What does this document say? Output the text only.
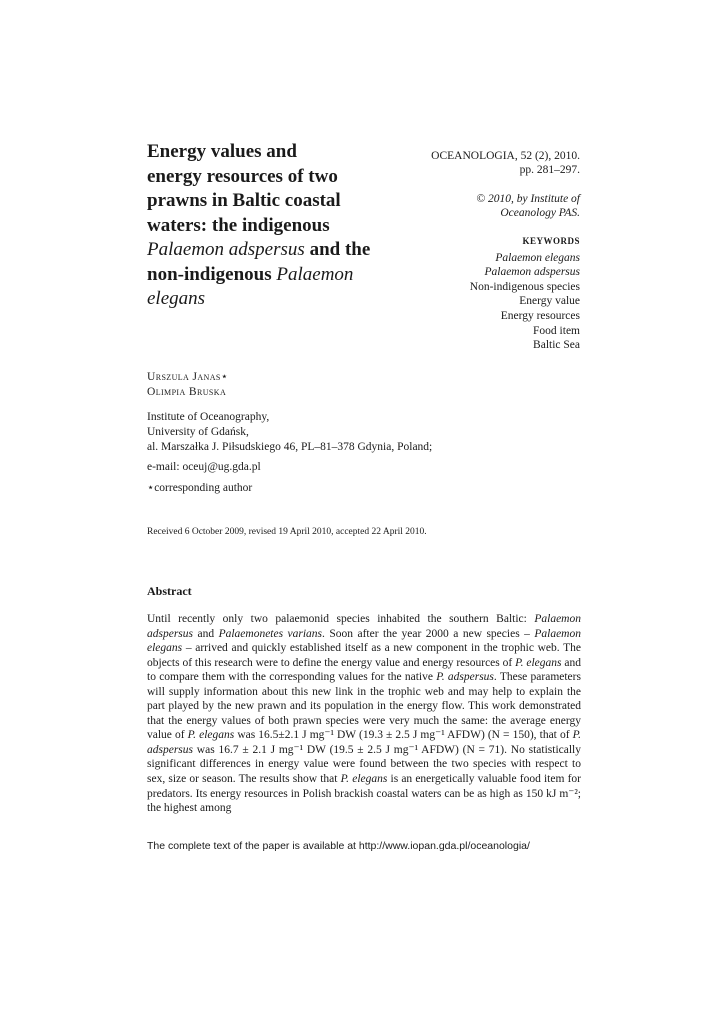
Energy values and
energy resources of two
prawns in Baltic coastal
waters: the indigenous
Palaemon adspersus and the
non-indigenous Palaemon
elegans
OCEANOLOGIA, 52 (2), 2010.
pp. 281–297.
© 2010, by Institute of
Oceanology PAS.
KEYWORDS
Palaemon elegans
Palaemon adspersus
Non-indigenous species
Energy value
Energy resources
Food item
Baltic Sea
Urszula Janas⋆
Olimpia Bruska
Institute of Oceanography,
University of Gdańsk,
al. Marszałka J. Piłsudskiego 46, PL–81–378 Gdynia, Poland;
e-mail: oceuj@ug.gda.pl
⋆corresponding author
Received 6 October 2009, revised 19 April 2010, accepted 22 April 2010.
Abstract

Until recently only two palaemonid species inhabited the southern Baltic: Palaemon adspersus and Palaemonetes varians. Soon after the year 2000 a new species – Palaemon elegans – arrived and quickly established itself as a new component in the trophic web. The objects of this research were to define the energy value and energy resources of P. elegans and to compare them with the corresponding values for the native P. adspersus. These parameters will supply information about this new link in the trophic web and may help to explain the part played by the new prawn and its population in the energy flow. This work demonstrated that the energy values of both prawn species were very much the same: the average energy value of P. elegans was 16.5±2.1 J mg⁻¹ DW (19.3 ± 2.5 J mg⁻¹ AFDW) (N = 150), that of P. adspersus was 16.7 ± 2.1 J mg⁻¹ DW (19.5 ± 2.5 J mg⁻¹ AFDW) (N = 71). No statistically significant differences in energy value were found between the two species with respect to sex, size or season. The results show that P. elegans is an energetically valuable food item for predators. Its energy resources in Polish brackish coastal waters can be as high as 150 kJ m⁻²; the highest among

The complete text of the paper is available at http://www.iopan.gda.pl/oceanologia/
